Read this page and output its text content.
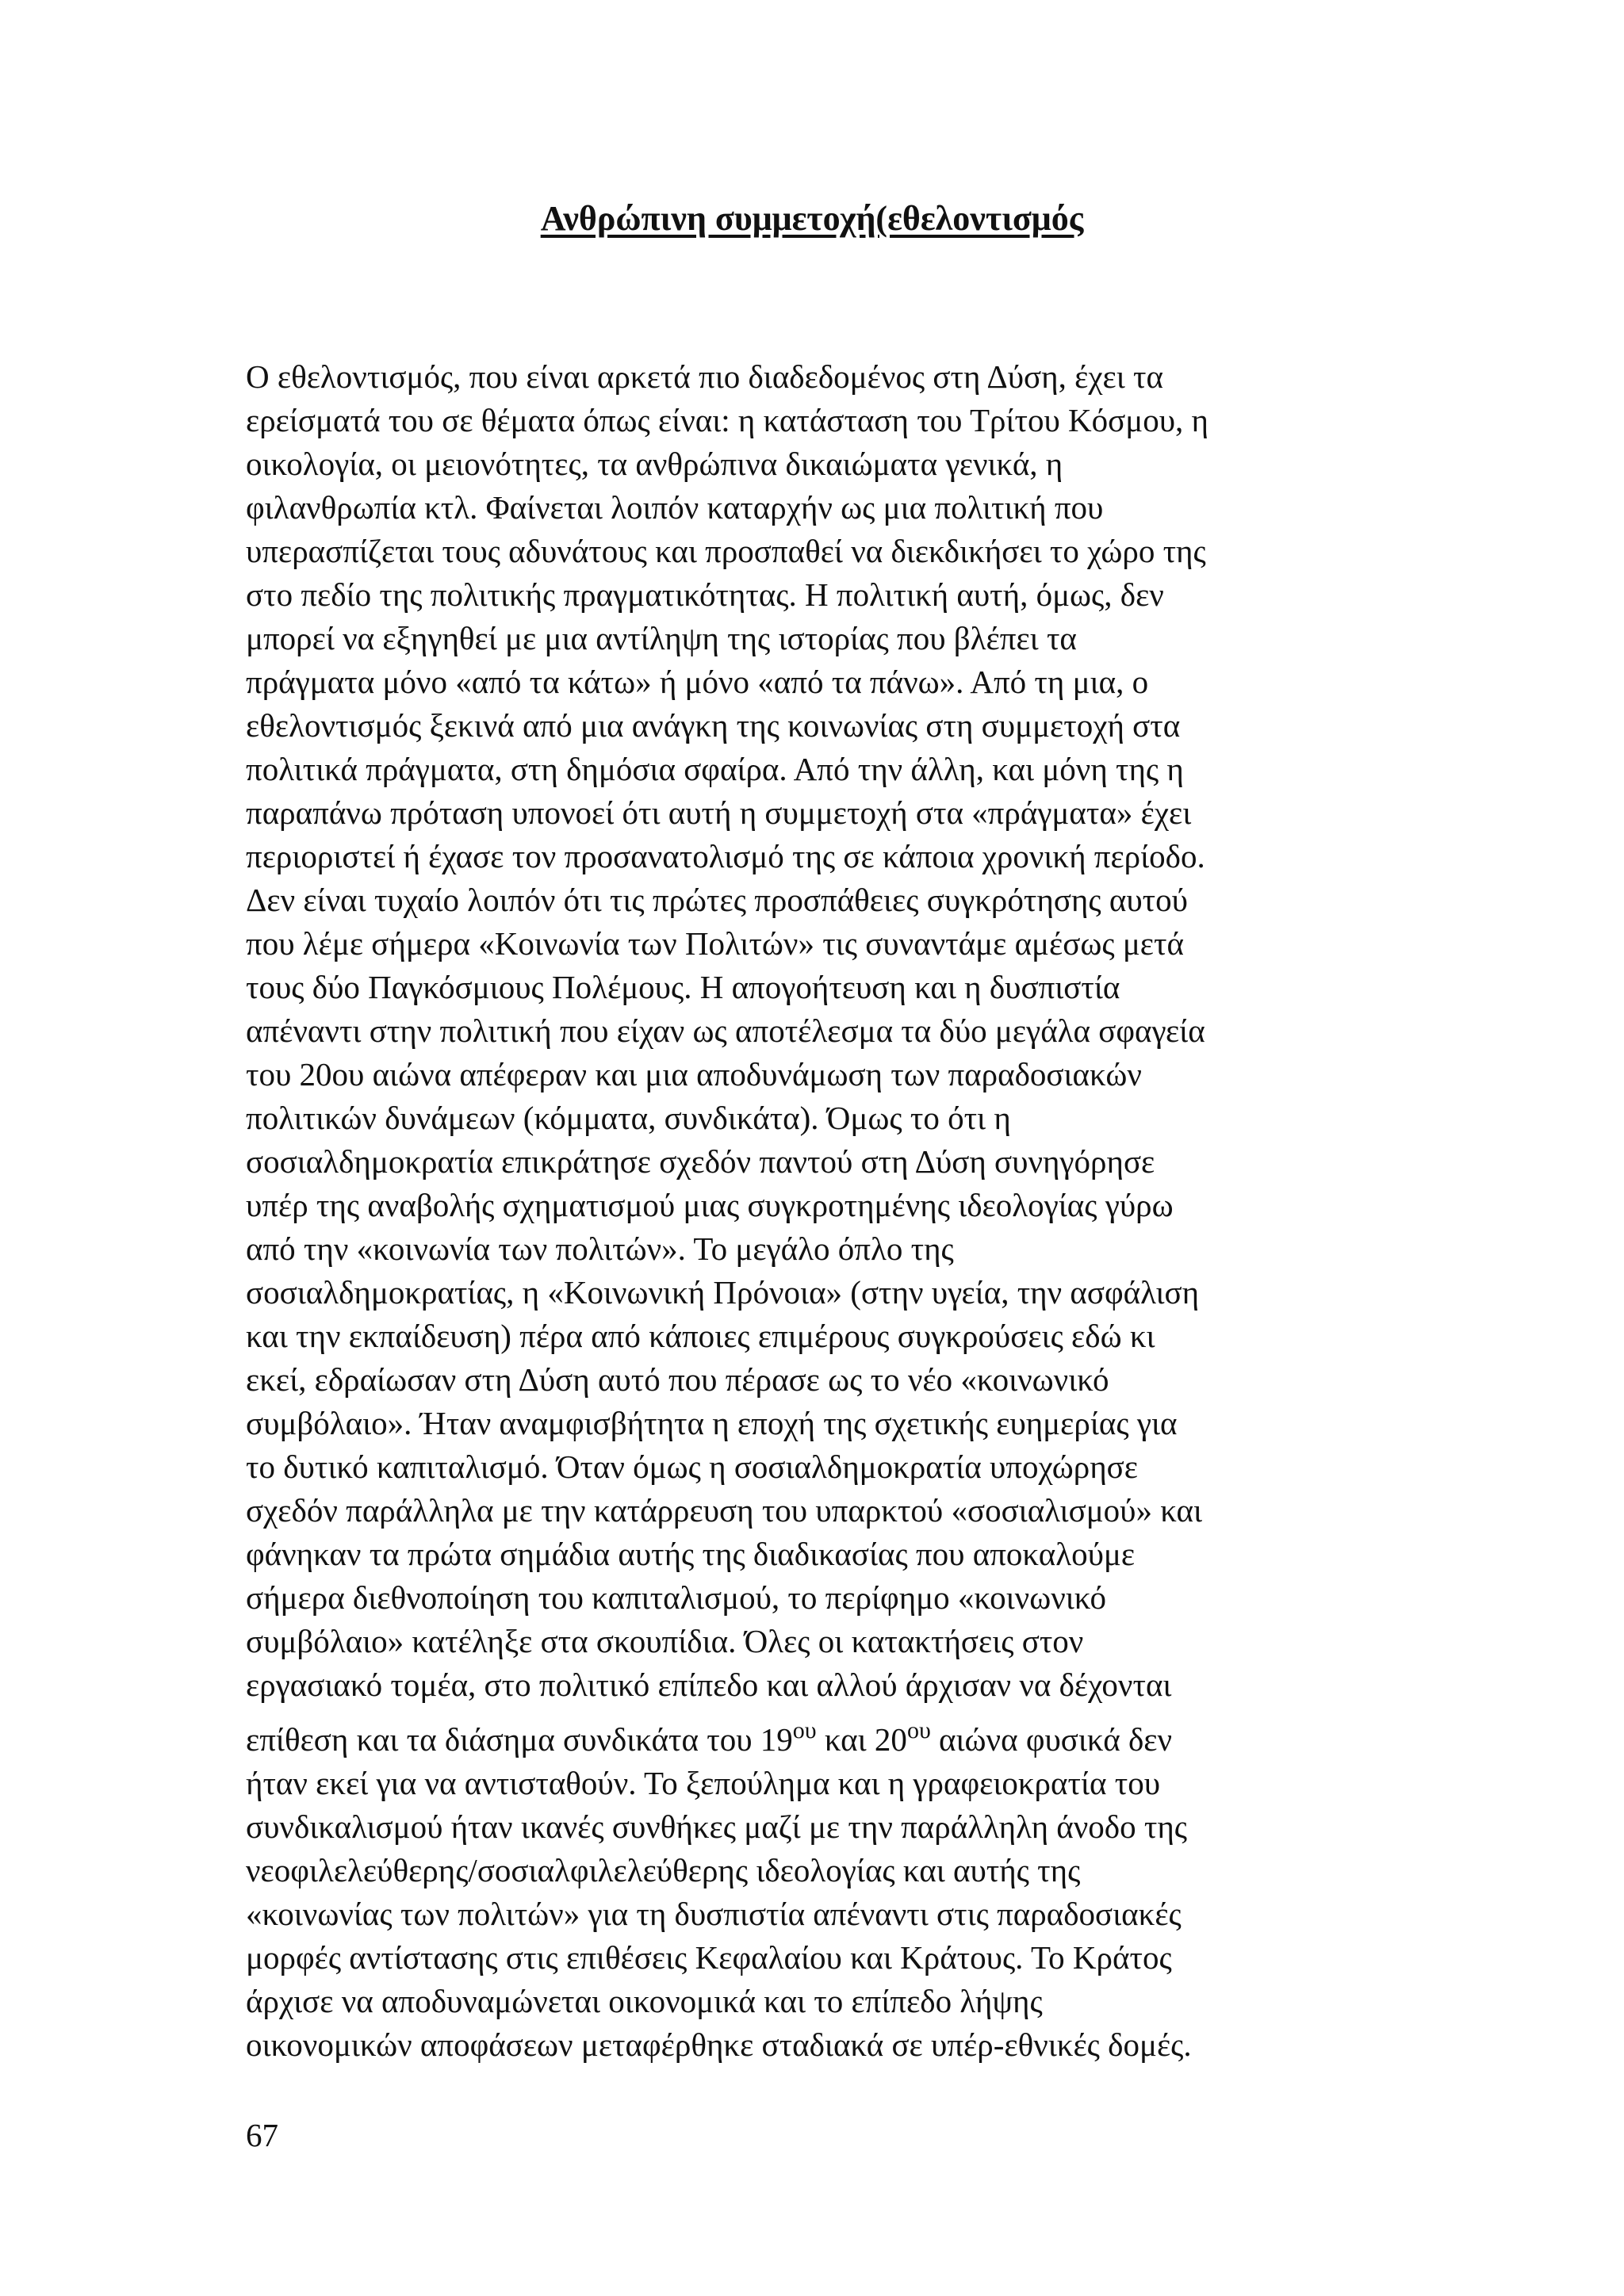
Ανθρώπινη συμμετοχή(εθελοντισμός
Ο εθελοντισμός, που είναι αρκετά πιο διαδεδομένος στη Δύση, έχει τα
ερείσματά του σε θέματα όπως είναι: η κατάσταση του Τρίτου Κόσμου, η
οικολογία, οι μειονότητες, τα ανθρώπινα δικαιώματα γενικά, η
φιλανθρωπία κτλ. Φαίνεται λοιπόν καταρχήν ως μια πολιτική που
υπερασπίζεται τους αδυνάτους και προσπαθεί να διεκδικήσει το χώρο της
στο πεδίο της πολιτικής πραγματικότητας. Η πολιτική αυτή, όμως, δεν
μπορεί να εξηγηθεί με μια αντίληψη της ιστορίας που βλέπει τα
πράγματα μόνο «από τα κάτω» ή μόνο «από τα πάνω». Από τη μια, ο
εθελοντισμός ξεκινά από μια ανάγκη της κοινωνίας στη συμμετοχή στα
πολιτικά πράγματα, στη δημόσια σφαίρα. Από την άλλη, και μόνη της η
παραπάνω πρόταση υπονοεί ότι αυτή η συμμετοχή στα «πράγματα» έχει
περιοριστεί ή έχασε τον προσανατολισμό της σε κάποια χρονική περίοδο.
Δεν είναι τυχαίο λοιπόν ότι τις πρώτες προσπάθειες συγκρότησης αυτού
που λέμε σήμερα «Κοινωνία των Πολιτών» τις συναντάμε αμέσως μετά
τους δύο Παγκόσμιους Πολέμους. Η απογοήτευση και η δυσπιστία
απέναντι στην πολιτική που είχαν ως αποτέλεσμα τα δύο μεγάλα σφαγεία
του 20ου αιώνα απέφεραν και μια αποδυνάμωση των παραδοσιακών
πολιτικών δυνάμεων (κόμματα, συνδικάτα). Όμως το ότι η
σοσιαλδημοκρατία επικράτησε σχεδόν παντού στη Δύση συνηγόρησε
υπέρ της αναβολής σχηματισμού μιας συγκροτημένης ιδεολογίας γύρω
από την «κοινωνία των πολιτών». Το μεγάλο όπλο της
σοσιαλδημοκρατίας, η «Κοινωνική Πρόνοια» (στην υγεία, την ασφάλιση
και την εκπαίδευση) πέρα από κάποιες επιμέρους συγκρούσεις εδώ κι
εκεί, εδραίωσαν στη Δύση αυτό που πέρασε ως το νέο «κοινωνικό
συμβόλαιο». Ήταν αναμφισβήτητα η εποχή της σχετικής ευημερίας για
το δυτικό καπιταλισμό. Όταν όμως η σοσιαλδημοκρατία υποχώρησε
σχεδόν παράλληλα με την κατάρρευση του υπαρκτού «σοσιαλισμού» και
φάνηκαν τα πρώτα σημάδια αυτής της διαδικασίας που αποκαλούμε
σήμερα διεθνοποίηση του καπιταλισμού, το περίφημο «κοινωνικό
συμβόλαιο» κατέληξε στα σκουπίδια. Όλες οι κατακτήσεις στον
εργασιακό τομέα, στο πολιτικό επίπεδο και αλλού άρχισαν να δέχονται
επίθεση και τα διάσημα συνδικάτα του $19^{o\upsilon}$ και $20^{o\upsilon}$ αιώνα φυσικά δεν
ήταν εκεί για να αντισταθούν. Το ξεπούλημα και η γραφειοκρατία του
συνδικαλισμού ήταν ικανές συνθήκες μαζί με την παράλληλη άνοδο της
νεοφιλελεύθερης/σοσιαλφιλελεύθερης ιδεολογίας και αυτής της
«κοινωνίας των πολιτών» για τη δυσπιστία απέναντι στις παραδοσιακές
μορφές αντίστασης στις επιθέσεις Κεφαλαίου και Κράτους. Το Κράτος
άρχισε να αποδυναμώνεται οικονομικά και το επίπεδο λήψης
οικονομικών αποφάσεων μεταφέρθηκε σταδιακά σε υπέρ-εθνικές δομές.
67
